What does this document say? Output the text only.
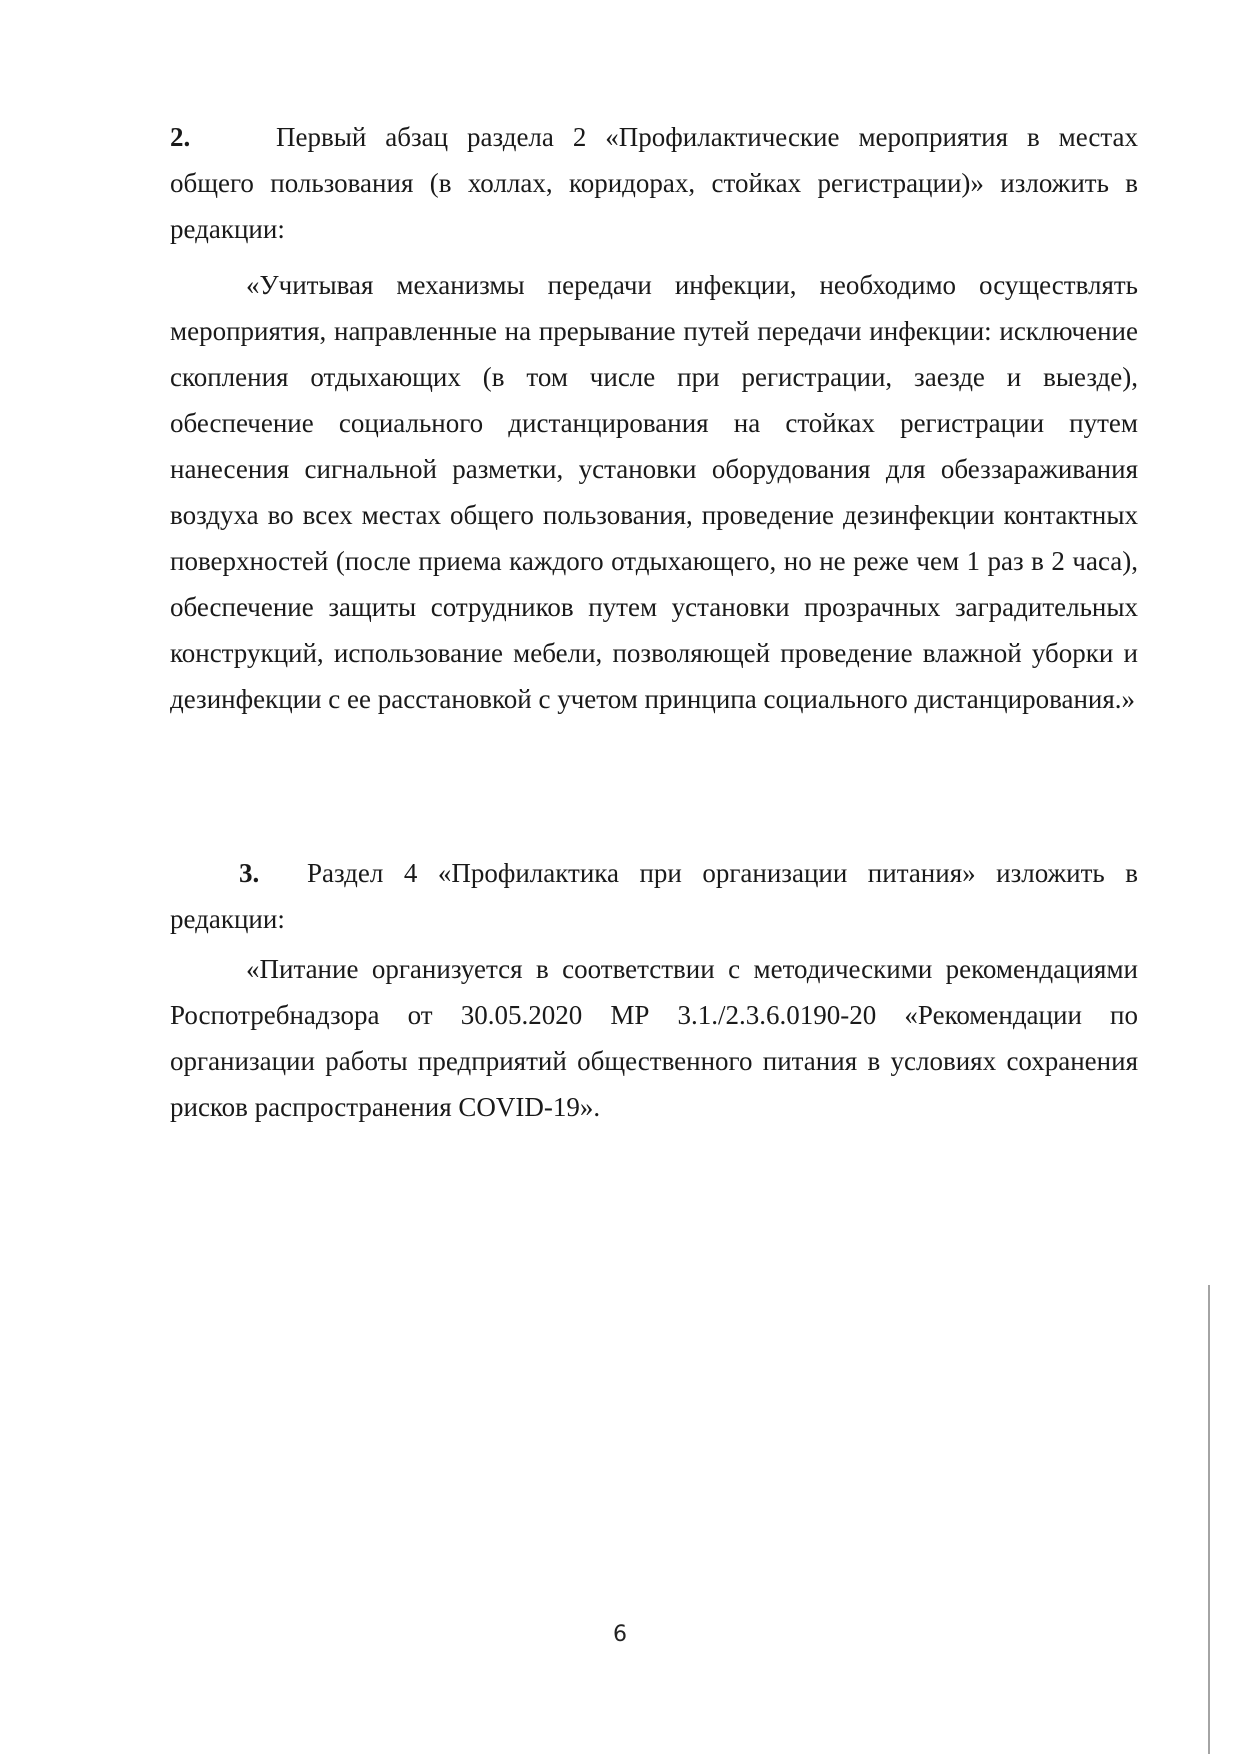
2.	Первый абзац раздела 2 «Профилактические мероприятия в местах общего пользования (в холлах, коридорах, стойках регистрации)» изложить в редакции:

«Учитывая механизмы передачи инфекции, необходимо осуществлять мероприятия, направленные на прерывание путей передачи инфекции: исключение скопления отдыхающих (в том числе при регистрации, заезде и выезде), обеспечение социального дистанцирования на стойках регистрации путем нанесения сигнальной разметки, установки оборудования для обеззараживания воздуха во всех местах общего пользования, проведение дезинфекции контактных поверхностей (после приема каждого отдыхающего, но не реже чем 1 раз в 2 часа), обеспечение защиты сотрудников путем установки прозрачных заградительных конструкций, использование мебели, позволяющей проведение влажной уборки и дезинфекции с ее расстановкой с учетом принципа социального дистанцирования.»

3. Раздел 4 «Профилактика при организации питания» изложить в редакции:

«Питание организуется в соответствии с методическими рекомендациями Роспотребнадзора от 30.05.2020 МР 3.1./2.3.6.0190-20 «Рекомендации по организации работы предприятий общественного питания в условиях сохранения рисков распространения COVID-19».

6
